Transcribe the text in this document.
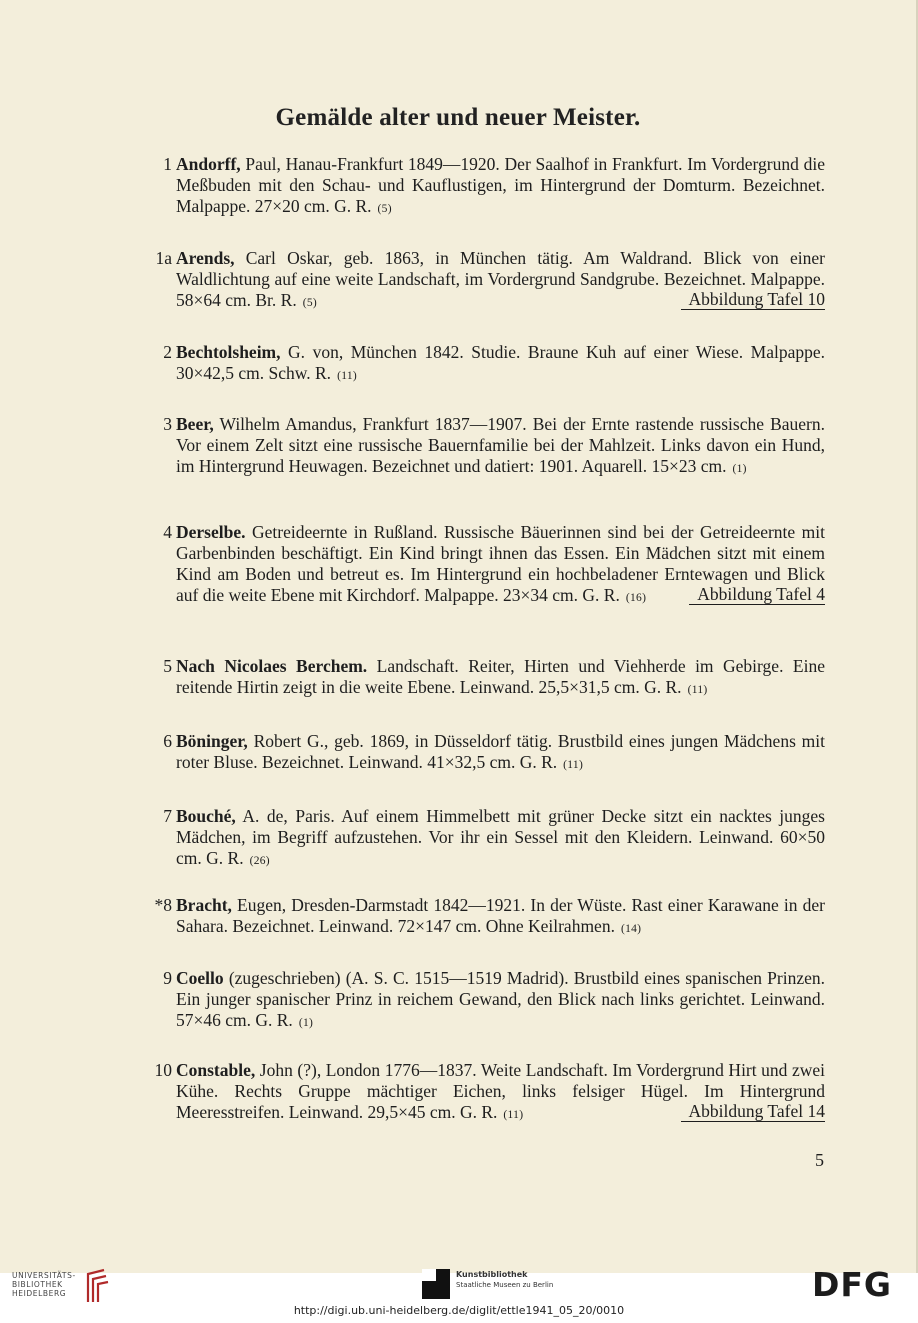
Gemälde alter und neuer Meister.
1 Andorff, Paul, Hanau-Frankfurt 1849—1920. Der Saalhof in Frankfurt. Im Vordergrund die Meßbuden mit den Schau- und Kauflustigen, im Hintergrund der Domturm. Bezeichnet. Malpappe. 27×20 cm. G. R. (5)
1a Arends, Carl Oskar, geb. 1863, in München tätig. Am Waldrand. Blick von einer Waldlichtung auf eine weite Landschaft, im Vordergrund Sandgrube. Bezeichnet. Malpappe. 58×64 cm. Br. R. (5)	Abbildung Tafel 10
2 Bechtolsheim, G. von, München 1842. Studie. Braune Kuh auf einer Wiese. Malpappe. 30×42,5 cm. Schw. R. (11)
3 Beer, Wilhelm Amandus, Frankfurt 1837—1907. Bei der Ernte rastende russische Bauern. Vor einem Zelt sitzt eine russische Bauernfamilie bei der Mahlzeit. Links davon ein Hund, im Hintergrund Heuwagen. Bezeichnet und datiert: 1901. Aquarell. 15×23 cm. (1)
4 Derselbe. Getreideernte in Rußland. Russische Bäuerinnen sind bei der Getreideernte mit Garbenbinden beschäftigt. Ein Kind bringt ihnen das Essen. Ein Mädchen sitzt mit einem Kind am Boden und betreut es. Im Hintergrund ein hochbeladener Erntewagen und Blick auf die weite Ebene mit Kirchdorf. Malpappe. 23×34 cm. G. R. (16)	Abbildung Tafel 4
5 Nach Nicolaes Berchem. Landschaft. Reiter, Hirten und Viehherde im Gebirge. Eine reitende Hirtin zeigt in die weite Ebene. Leinwand. 25,5×31,5 cm. G. R. (11)
6 Böninger, Robert G., geb. 1869, in Düsseldorf tätig. Brustbild eines jungen Mädchens mit roter Bluse. Bezeichnet. Leinwand. 41×32,5 cm. G. R. (11)
7 Bouché, A. de, Paris. Auf einem Himmelbett mit grüner Decke sitzt ein nacktes junges Mädchen, im Begriff aufzustehen. Vor ihr ein Sessel mit den Kleidern. Leinwand. 60×50 cm. G. R. (26)
*8 Bracht, Eugen, Dresden-Darmstadt 1842—1921. In der Wüste. Rast einer Karawane in der Sahara. Bezeichnet. Leinwand. 72×147 cm. Ohne Keilrahmen. (14)
9 Coello (zugeschrieben) (A. S. C. 1515—1519 Madrid). Brustbild eines spanischen Prinzen. Ein junger spanischer Prinz in reichem Gewand, den Blick nach links gerichtet. Leinwand. 57×46 cm. G. R. (1)
10 Constable, John (?), London 1776—1837. Weite Landschaft. Im Vordergrund Hirt und zwei Kühe. Rechts Gruppe mächtiger Eichen, links felsiger Hügel. Im Hintergrund Meeresstreifen. Leinwand. 29,5×45 cm. G. R. (11)	Abbildung Tafel 14
5
UNIVERSITÄTS-
BIBLIOTHEK
HEIDELBERG
Kunstbibliothek
Staatliche Museen zu Berlin	DFG
http://digi.ub.uni-heidelberg.de/diglit/ettle1941_05_20/0010
